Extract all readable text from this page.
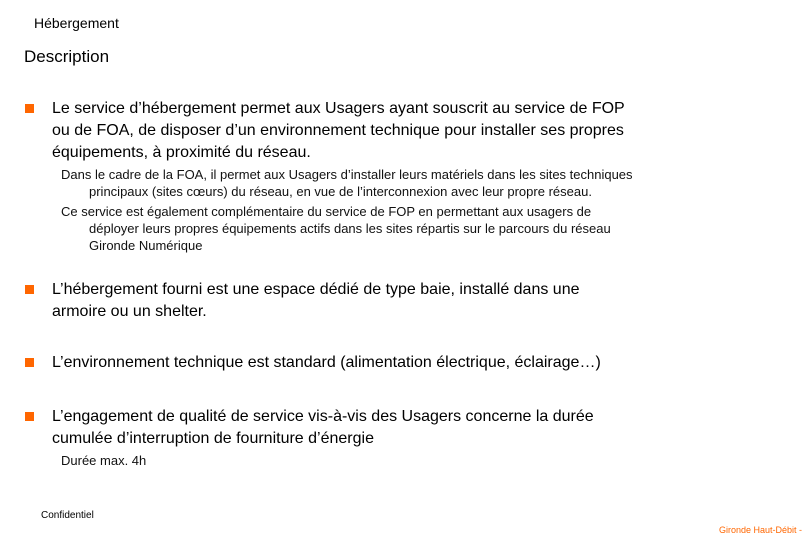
Hébergement
Description
Le service d’hébergement permet aux Usagers ayant souscrit au service de FOP
ou de FOA, de disposer d’un environnement technique pour installer ses propres
équipements, à proximité du réseau.
Dans le cadre de la FOA, il permet aux Usagers d’installer leurs matériels dans les sites techniques
principaux (sites cœurs) du réseau, en vue de l’interconnexion avec leur propre réseau.
Ce service est également complémentaire du service de FOP en permettant aux usagers de
déployer leurs propres équipements actifs dans les sites répartis sur le parcours du réseau
Gironde Numérique
L’hébergement fourni est une espace dédié de type baie, installé dans une
armoire ou un shelter.
L’environnement technique est standard (alimentation électrique, éclairage…)
L’engagement de qualité de service vis-à-vis des Usagers concerne la durée
cumulée d’interruption de fourniture d’énergie
Durée max. 4h
Confidentiel
Gironde Haut-Débit -
